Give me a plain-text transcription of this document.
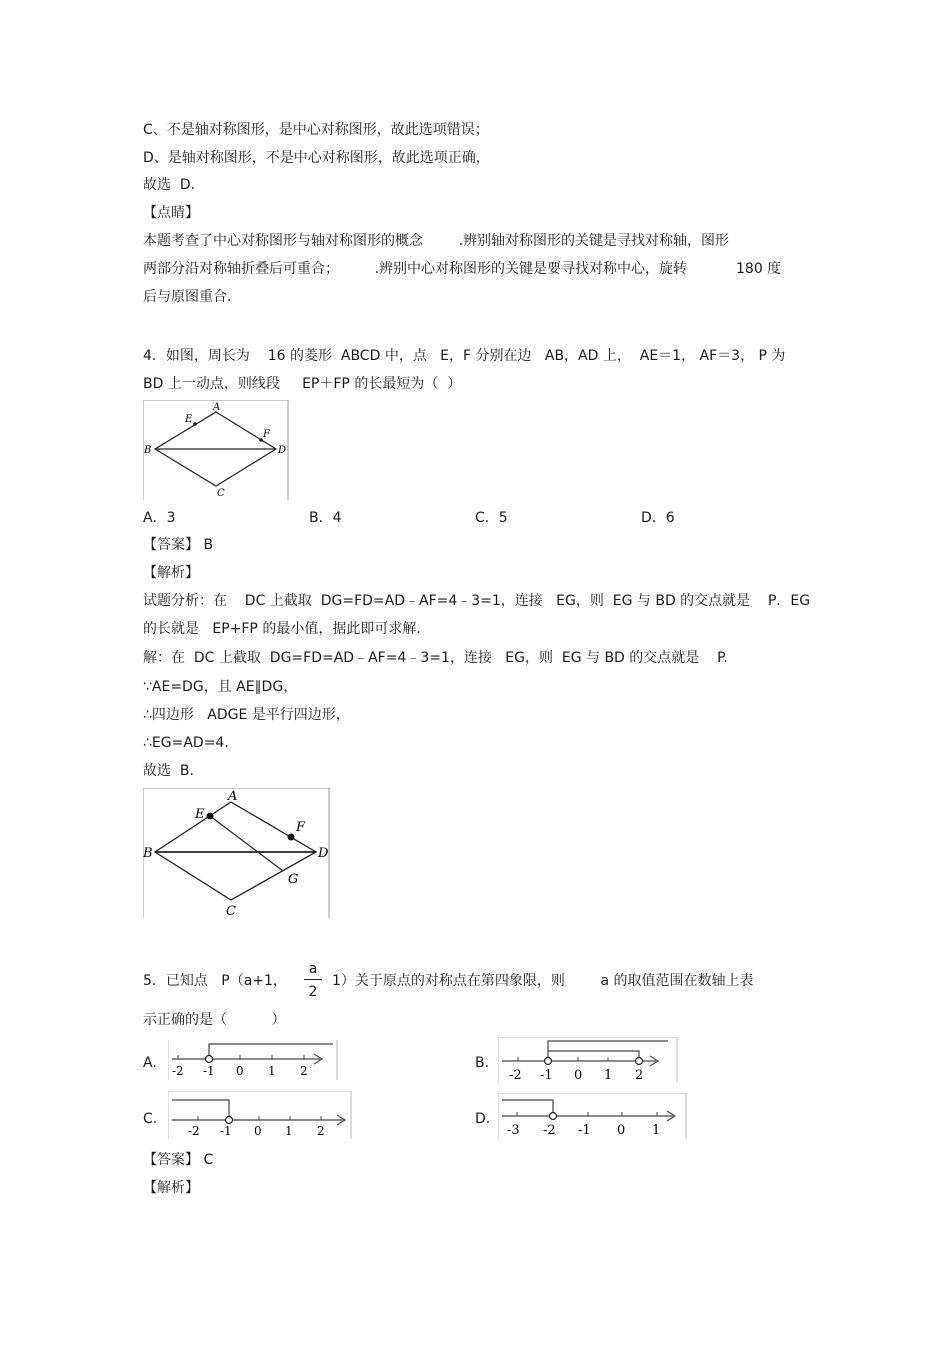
C、不是轴对称图形，是中心对称图形，故此选项错误；
D、是轴对称图形，不是中心对称图形，故此选项正确，
故选  D.
【点睛】
本题考查了中心对称图形与轴对称图形的概念        .辨别轴对称图形的关键是寻找对称轴，图形
两部分沿对称轴折叠后可重合；        .辨别中心对称图形的关键是要寻找对称中心，旋转           180 度
后与原图重合.
4．如图，周长为    16 的菱形  ABCD 中，点   E，F 分别在边   AB，AD 上，  AE＝1， AF＝3， P 为
BD 上一动点，则线段     EP＋FP 的长最短为（  ）
A
B
C
D
E
F
A．3	B．4	C．5	D．6
【答案】 B
【解析】
试题分析：在    DC 上截取  DG=FD=AD﹣AF=4﹣3=1，连接   EG，则  EG 与 BD 的交点就是    P．EG
的长就是   EP+FP 的最小值，据此即可求解.
解：在  DC 上截取  DG=FD=AD﹣AF=4﹣3=1，连接   EG，则  EG 与 BD 的交点就是    P.
∵AE=DG，且 AE∥DG，
∴四边形   ADGE 是平行四边形，
∴EG=AD=4.
故选  B.
A
B
C
D
E
F
G
5．已知点   P（a+1，
a
2
1）关于原点的对称点在第四象限，则        a 的取值范围在数轴上表
示正确的是（          ）
A. -2 -1 0 1 2	B.
-2 -1 0 1 2
C.
-2 -1 0 1 2
D.
-3 -2 -1 0 1
【答案】 C
【解析】
